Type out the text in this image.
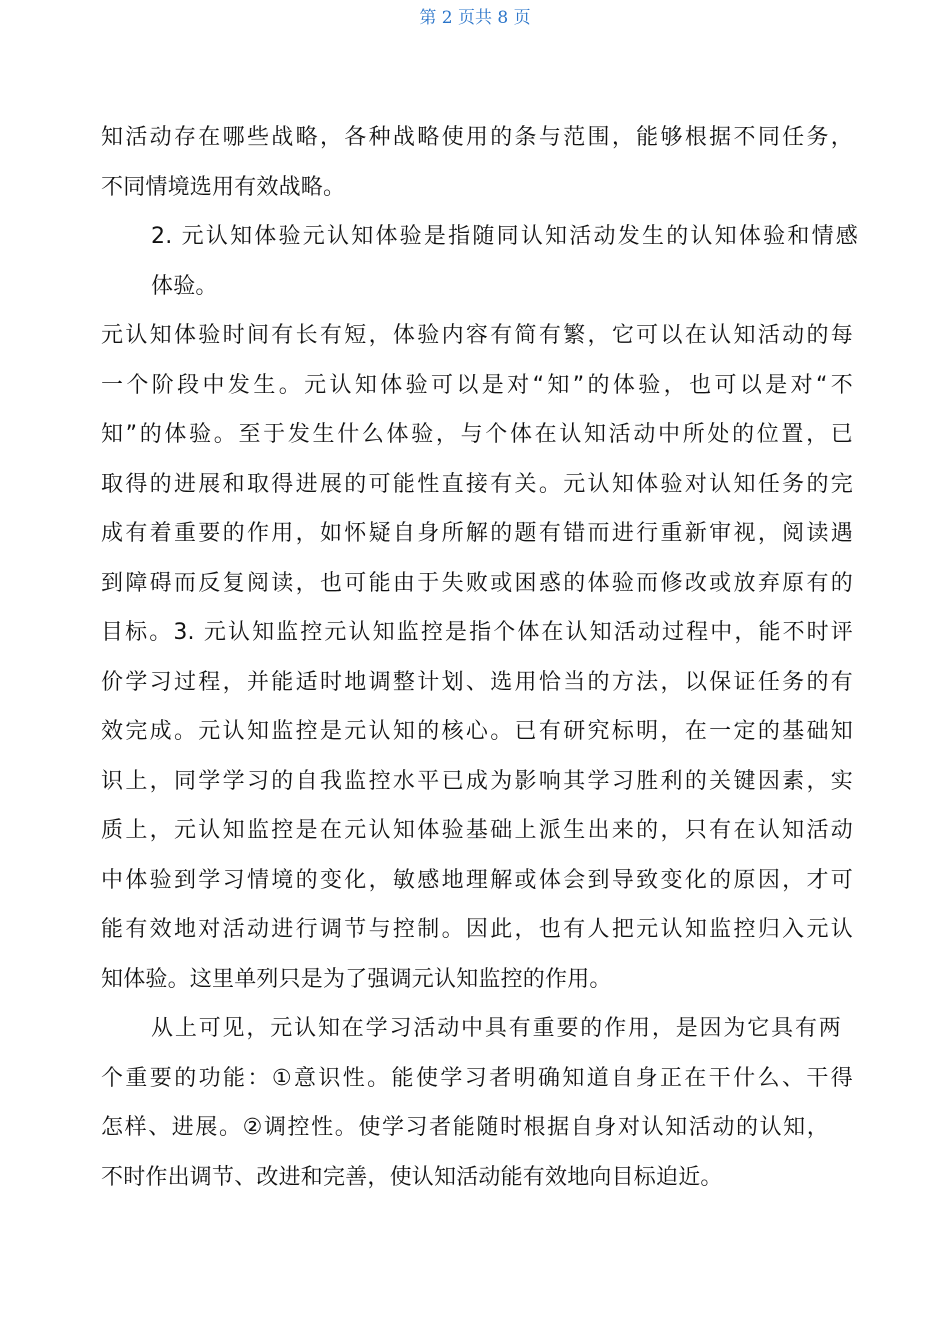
第 2 页共 8 页
知活动存在哪些战略，各种战略使用的条与范围，能够根据不同任务，
不同情境选用有效战略。
2. 元认知体验元认知体验是指随同认知活动发生的认知体验和情感
体验。
元认知体验时间有长有短，体验内容有简有繁，它可以在认知活动的每
一个阶段中发生。元认知体验可以是对“知”的体验，也可以是对“不
知”的体验。至于发生什么体验，与个体在认知活动中所处的位置，已
取得的进展和取得进展的可能性直接有关。元认知体验对认知任务的完
成有着重要的作用，如怀疑自身所解的题有错而进行重新审视，阅读遇
到障碍而反复阅读，也可能由于失败或困惑的体验而修改或放弃原有的
目标。3. 元认知监控元认知监控是指个体在认知活动过程中，能不时评
价学习过程，并能适时地调整计划、选用恰当的方法，以保证任务的有
效完成。元认知监控是元认知的核心。已有研究标明，在一定的基础知
识上，同学学习的自我监控水平已成为影响其学习胜利的关键因素，实
质上，元认知监控是在元认知体验基础上派生出来的，只有在认知活动
中体验到学习情境的变化，敏感地理解或体会到导致变化的原因，才可
能有效地对活动进行调节与控制。因此，也有人把元认知监控归入元认
知体验。这里单列只是为了强调元认知监控的作用。
从上可见，元认知在学习活动中具有重要的作用，是因为它具有两
个重要的功能：①意识性。能使学习者明确知道自身正在干什么、干得
怎样、进展。②调控性。使学习者能随时根据自身对认知活动的认知，
不时作出调节、改进和完善，使认知活动能有效地向目标迫近。
